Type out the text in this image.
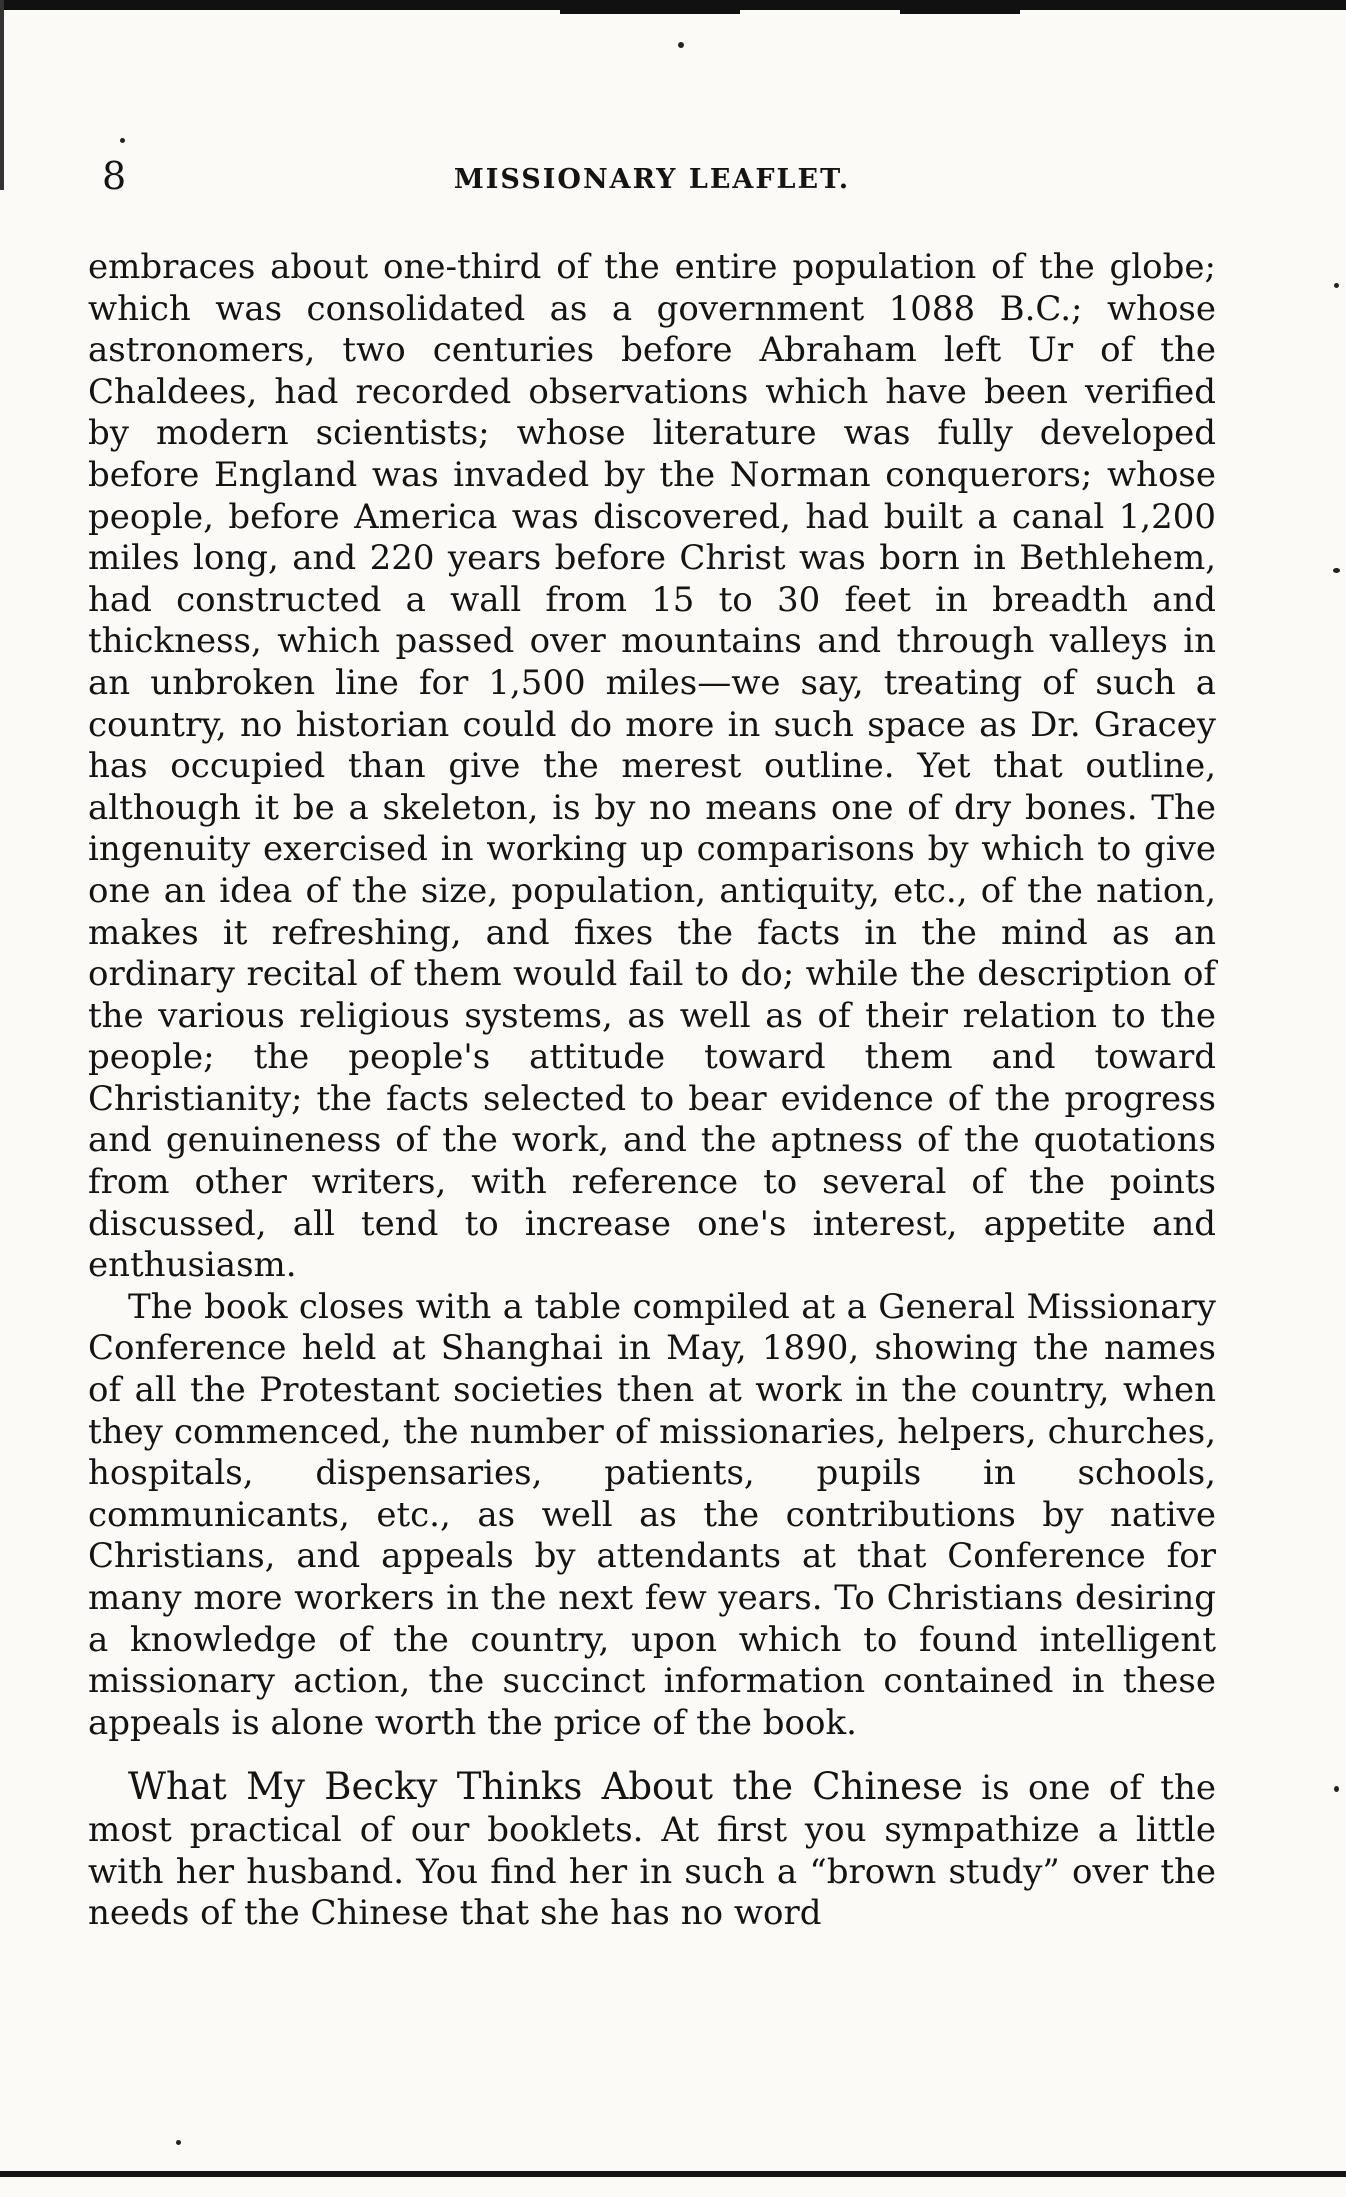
8	MISSIONARY LEAFLET.

embraces about one-third of the entire population of the globe; which was consolidated as a government 1088 B.C.; whose astronomers, two centuries before Abraham left Ur of the Chaldees, had recorded observations which have been verified by modern scientists; whose literature was fully developed before England was invaded by the Norman conquerors; whose people, before America was discovered, had built a canal 1,200 miles long, and 220 years before Christ was born in Bethlehem, had constructed a wall from 15 to 30 feet in breadth and thickness, which passed over mountains and through valleys in an unbroken line for 1,500 miles—we say, treating of such a country, no historian could do more in such space as Dr. Gracey has occupied than give the merest outline. Yet that outline, although it be a skeleton, is by no means one of dry bones. The ingenuity exercised in working up comparisons by which to give one an idea of the size, population, antiquity, etc., of the nation, makes it refreshing, and fixes the facts in the mind as an ordinary recital of them would fail to do; while the description of the various religious systems, as well as of their relation to the people; the people's attitude toward them and toward Christianity; the facts selected to bear evidence of the progress and genuineness of the work, and the aptness of the quotations from other writers, with reference to several of the points discussed, all tend to increase one's interest, appetite and enthusiasm.

The book closes with a table compiled at a General Missionary Conference held at Shanghai in May, 1890, showing the names of all the Protestant societies then at work in the country, when they commenced, the number of missionaries, helpers, churches, hospitals, dispensaries, patients, pupils in schools, communicants, etc., as well as the contributions by native Christians, and appeals by attendants at that Conference for many more workers in the next few years. To Christians desiring a knowledge of the country, upon which to found intelligent missionary action, the succinct information contained in these appeals is alone worth the price of the book.

What My Becky Thinks About the Chinese is one of the most practical of our booklets. At first you sympathize a little with her husband. You find her in such a “brown study” over the needs of the Chinese that she has no word
